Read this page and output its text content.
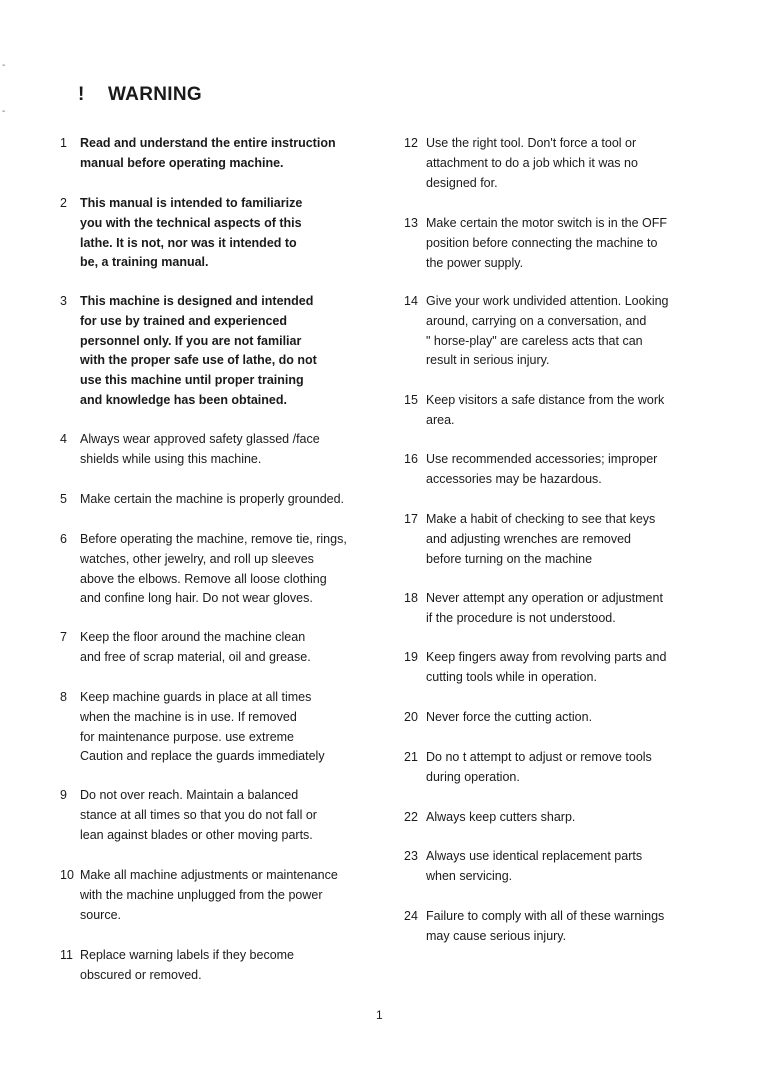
! WARNING
1	Read and understand the entire instruction
manual before operating machine.
2	This manual is intended to familiarize
you with the technical aspects of this
lathe. It is not, nor was it intended to
be, a training manual.
3	This machine is designed and intended
for use by trained and experienced
personnel only. If you are not familiar
with the proper safe use of lathe, do not
use this machine until proper training
and knowledge has been obtained.
4	Always wear approved safety glassed /face
shields while using this machine.
5	Make certain the machine is properly grounded.
6	Before operating the machine, remove tie, rings,
watches, other jewelry, and roll up sleeves
above the elbows. Remove all loose clothing
and confine long hair. Do not wear gloves.
7	Keep the floor around the machine clean
and free of scrap material, oil and grease.
8	Keep machine guards in place at all times
when the machine is in use. If removed
for maintenance purpose. use extreme
Caution and replace the guards immediately
9	Do not over reach. Maintain a balanced
stance at all times so that you do not fall or
lean against blades or other moving parts.
10 Make all machine adjustments or maintenance
with the machine unplugged from the power
source.
11 Replace warning labels if they become
obscured or removed.
12 Use the right tool. Don't force a tool or
attachment to do a job which it was no
designed for.
13 Make certain the motor switch is in the OFF
position before connecting the machine to
the power supply.
14 Give your work undivided attention. Looking
around, carrying on a conversation, and
" horse-play" are careless acts that can
result in serious injury.
15 Keep visitors a safe distance from the work
area.
16 Use recommended accessories; improper
accessories may be hazardous.
17 Make a habit of checking to see that keys
and adjusting wrenches are removed
before turning on the machine
18 Never attempt any operation or adjustment
if the procedure is not understood.
19 Keep fingers away from revolving parts and
cutting tools while in operation.
20 Never force the cutting action.
21 Do no t attempt to adjust or remove tools
during operation.
22 Always keep cutters sharp.
23 Always use identical replacement parts
when servicing.
24 Failure to comply with all of these warnings
may cause serious injury.
1
-
-
